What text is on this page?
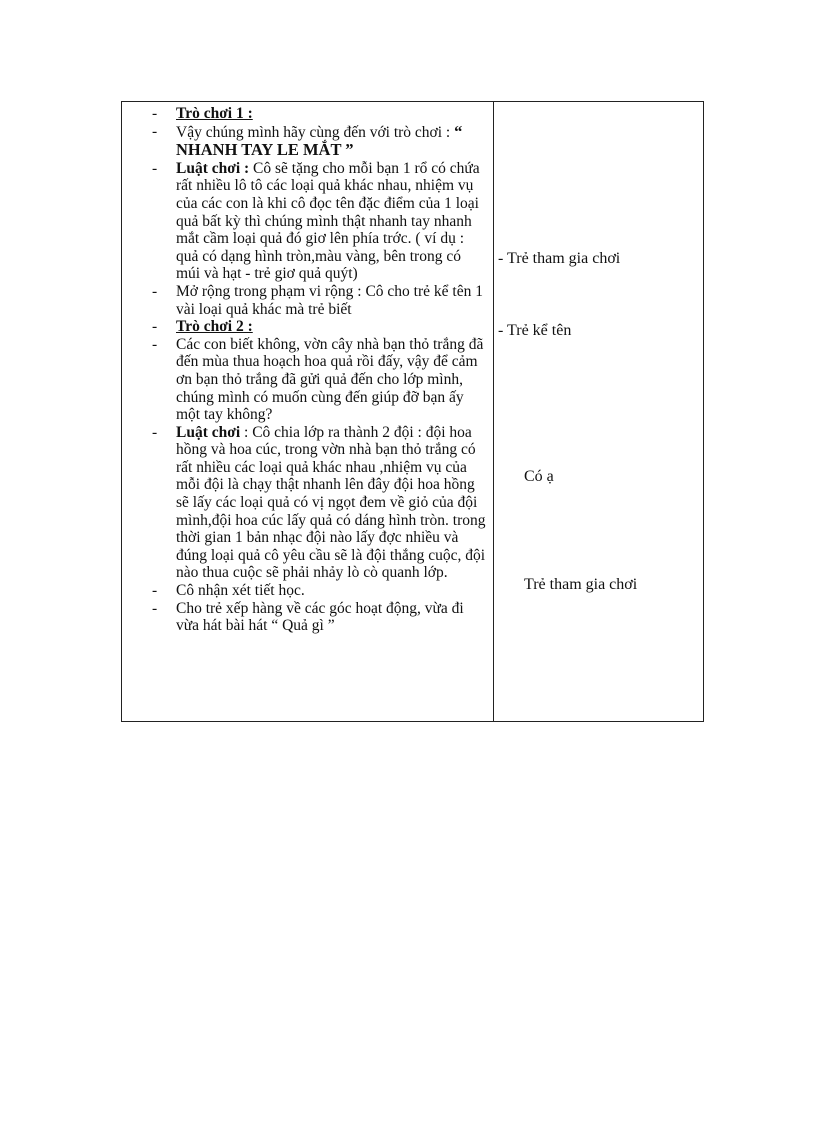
- Trò chơi 1 :
- Vậy chúng mình hãy cùng đến với trò chơi : “ NHANH TAY LE MẮT ”
- Luật chơi : Cô sẽ tặng cho mỗi bạn 1 rổ có chứa rất nhiều lô tô các loại quả khác nhau, nhiệm vụ của các con là khi cô đọc tên đặc điểm của 1 loại quả bất kỳ thì chúng mình thật nhanh tay nhanh mắt cầm loại quả đó giơ lên phía trớc. ( ví dụ : quả có dạng hình tròn,màu vàng, bên trong có múi và hạt - trẻ giơ quả quýt)
- Mở rộng trong phạm vi rộng : Cô cho trẻ kể tên 1 vài loại quả khác mà trẻ biết
- Trò chơi 2 :
- Các con biết không, vờn cây nhà bạn thỏ trắng đã đến mùa thua hoạch hoa quả rồi đấy, vậy để cảm ơn bạn thỏ trắng đã gửi quả đến cho lớp mình, chúng mình có muốn cùng đến giúp đỡ bạn ấy một tay không?
- Luật chơi : Cô chia lớp ra thành 2 đội : đội hoa hồng và hoa cúc, trong vờn nhà bạn thỏ trắng có rất nhiều các loại quả khác nhau ,nhiệm vụ của mỗi đội là chạy thật nhanh lên đây đội hoa hồng sẽ lấy các loại quả có vị ngọt đem về giỏ của đội mình,đội hoa cúc lấy quả có dáng hình tròn. trong thời gian 1 bản nhạc đội nào lấy đợc nhiều và đúng loại quả cô yêu cầu sẽ là đội thắng cuộc, đội nào thua cuộc sẽ phải nhảy lò cò quanh lớp.
- Cô nhận xét tiết học.
- Cho trẻ xếp hàng về các góc hoạt động, vừa đi vừa hát bài hát “ Quả gì ”
- Trẻ tham gia chơi
- Trẻ kể tên
Có ạ
Trẻ tham gia chơi
